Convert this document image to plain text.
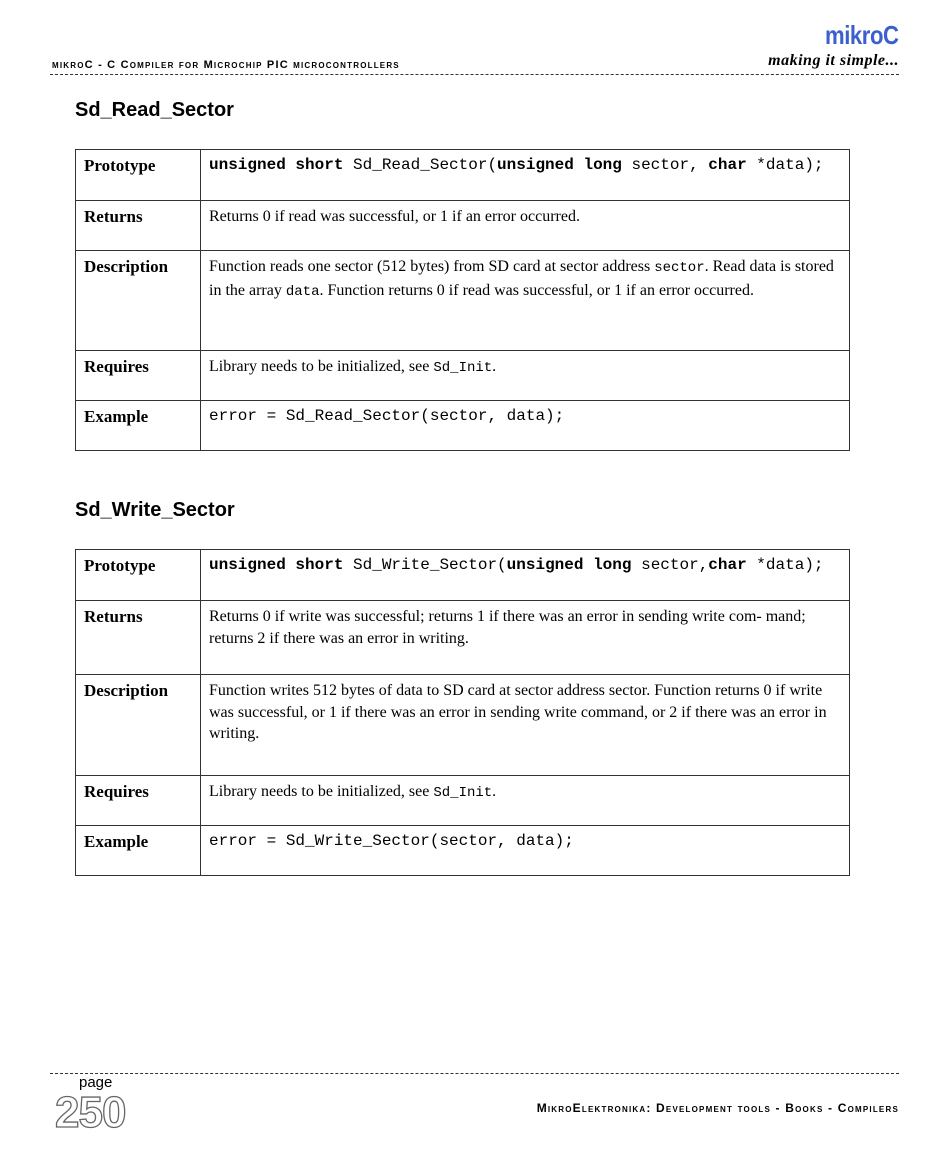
mikroC - C Compiler for Microchip PIC microcontrollers
mikroC
making it simple...
Sd_Read_Sector
Prototype	unsigned short Sd_Read_Sector(unsigned long sector, char *data);
Returns	Returns 0 if read was successful, or 1 if an error occurred.
Description	Function reads one sector (512 bytes) from SD card at sector address sector. Read data is stored in the array data. Function returns 0 if read was successful, or 1 if an error occurred.
Requires	Library needs to be initialized, see Sd_Init.
Example	error = Sd_Read_Sector(sector, data);
Sd_Write_Sector
Prototype	unsigned short Sd_Write_Sector(unsigned long sector,char *data);
Returns	Returns 0 if write was successful; returns 1 if there was an error in sending write com- mand; returns 2 if there was an error in writing.
Description	Function writes 512 bytes of data to SD card at sector address sector. Function returns 0 if write was successful, or 1 if there was an error in sending write command, or 2 if there was an error in writing.
Requires	Library needs to be initialized, see Sd_Init.
Example	error = Sd_Write_Sector(sector, data);
page
250	MikroElektronika: Development tools - Books - Compilers
